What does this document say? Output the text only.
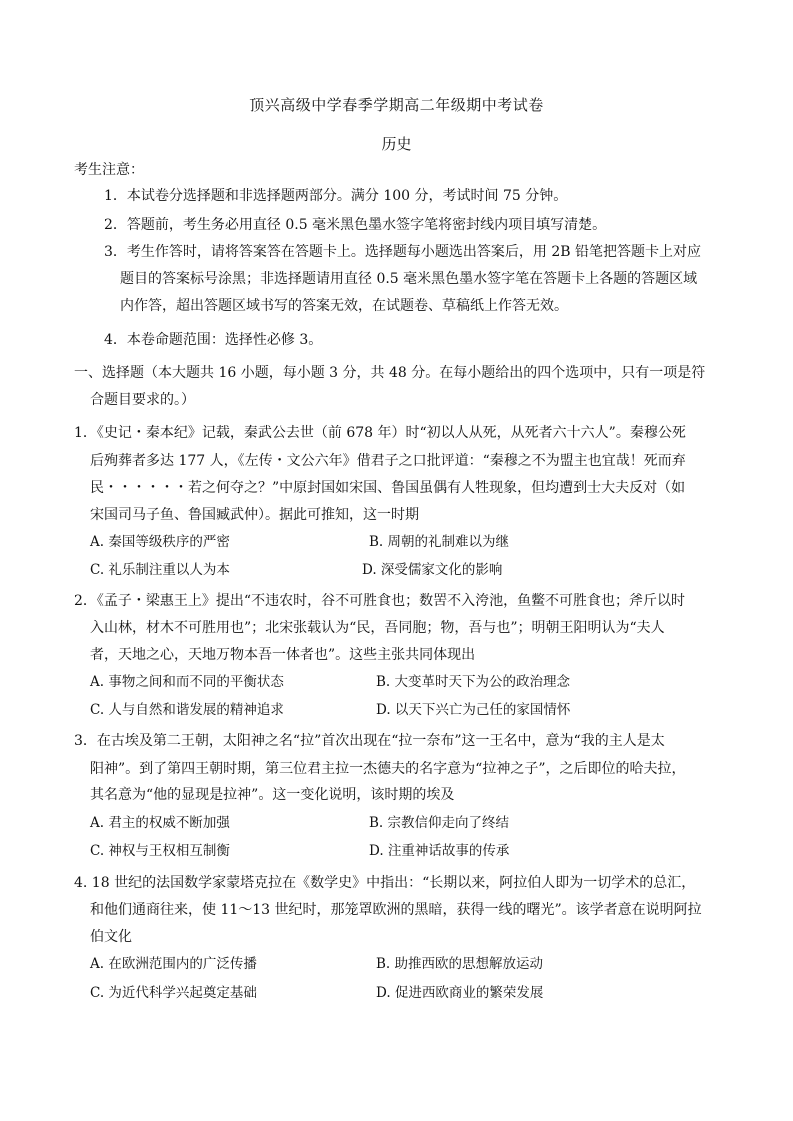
顶兴高级中学春季学期高二年级期中考试卷
历史
考生注意：
1．本试卷分选择题和非选择题两部分。满分 100 分，考试时间 75 分钟。
2．答题前，考生务必用直径 0.5 毫米黑色墨水签字笔将密封线内项目填写清楚。
3．考生作答时，请将答案答在答题卡上。选择题每小题选出答案后，用 2B 铅笔把答题卡上对应
题目的答案标号涂黑；非选择题请用直径 0.5 毫米黑色墨水签字笔在答题卡上各题的答题区域
内作答，超出答题区域书写的答案无效，在试题卷、草稿纸上作答无效。
4．本卷命题范围：选择性必修 3。
一、选择题（本大题共 16 小题，每小题 3 分，共 48 分。在每小题给出的四个选项中，只有一项是符
合题目要求的。）
1．《史记・秦本纪》记载，秦武公去世（前 678 年）时“初以人从死，从死者六十六人”。秦穆公死
后殉葬者多达 177 人，《左传・文公六年》借君子之口批评道：“秦穆之不为盟主也宜哉！死而弃
民・・・・・・若之何夺之？”中原封国如宋国、鲁国虽偶有人牲现象，但均遭到士大夫反对（如
宋国司马子鱼、鲁国臧武仲）。据此可推知，这一时期
A. 秦国等级秩序的严密	B. 周朝的礼制难以为继
C. 礼乐制注重以人为本	D. 深受儒家文化的影响
2．《孟子・梁惠王上》提出“不违农时，谷不可胜食也；数罟不入洿池，鱼鳖不可胜食也；斧斤以时
入山林，材木不可胜用也”；北宋张载认为“民，吾同胞；物，吾与也”；明朝王阳明认为“夫人
者，天地之心，天地万物本吾一体者也”。这些主张共同体现出
A. 事物之间和而不同的平衡状态	B. 大变革时天下为公的政治理念
C. 人与自然和谐发展的精神追求	D. 以天下兴亡为己任的家国情怀
3．在古埃及第二王朝，太阳神之名“拉”首次出现在“拉一奈布”这一王名中，意为“我的主人是太
阳神”。到了第四王朝时期，第三位君主拉一杰德夫的名字意为“拉神之子”，之后即位的哈夫拉，
其名意为“他的显现是拉神”。这一变化说明，该时期的埃及
A. 君主的权威不断加强	B. 宗教信仰走向了终结
C. 神权与王权相互制衡	D. 注重神话故事的传承
4. 18 世纪的法国数学家蒙塔克拉在《数学史》中指出：“长期以来，阿拉伯人即为一切学术的总汇，
和他们通商往来，使 11～13 世纪时，那笼罩欧洲的黑暗，获得一线的曙光”。该学者意在说明阿拉
伯文化
A. 在欧洲范围内的广泛传播	B. 助推西欧的思想解放运动
C. 为近代科学兴起奠定基础	D. 促进西欧商业的繁荣发展
